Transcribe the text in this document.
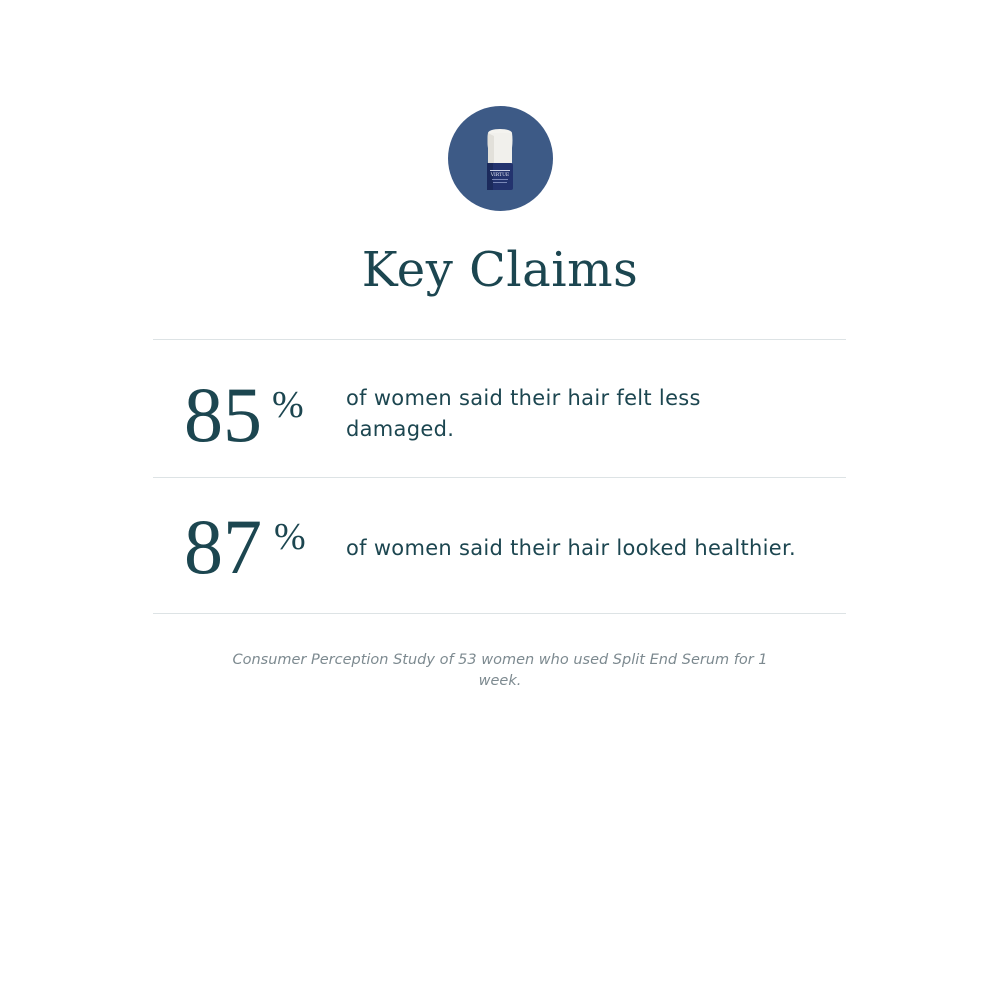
VIRTUE
Key Claims
85 % of women said their hair felt less damaged.
87 % of women said their hair looked healthier.
Consumer Perception Study of 53 women who used Split End Serum for 1 week.
